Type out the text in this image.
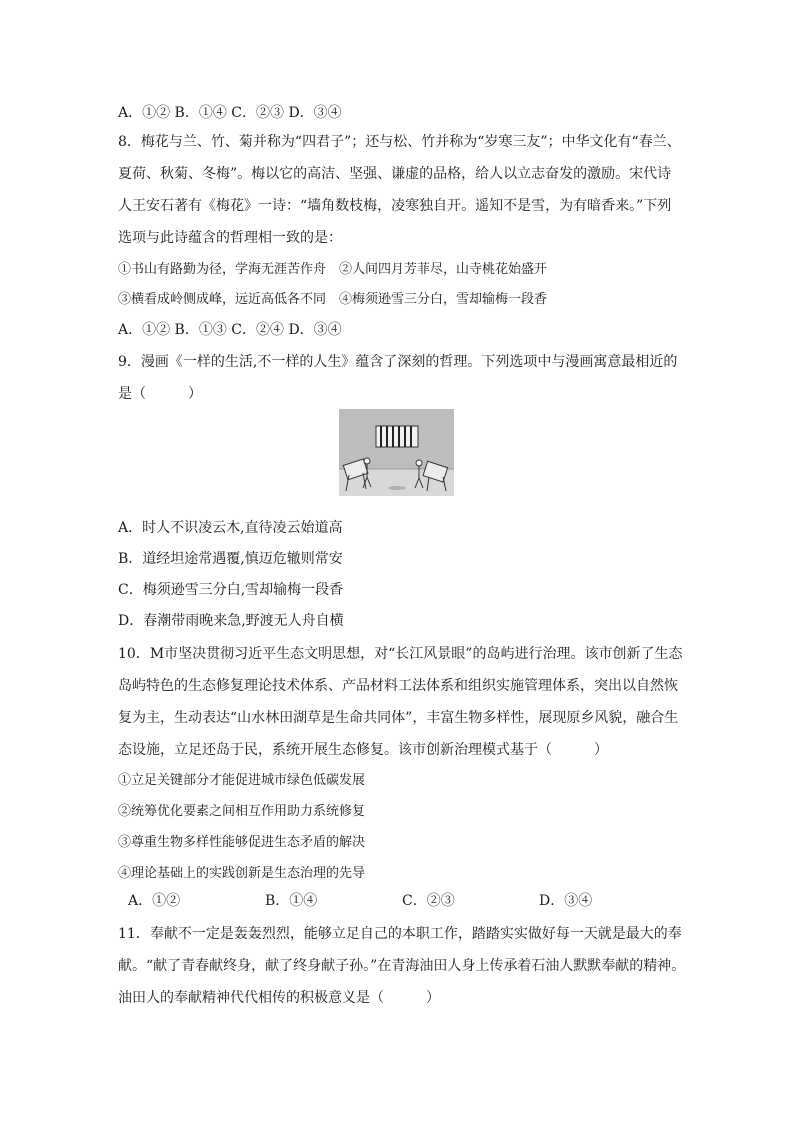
A．①② B．①④ C．②③ D．③④
8．梅花与兰、竹、菊并称为“四君子”；还与松、竹并称为“岁寒三友”；中华文化有“春兰、
夏荷、秋菊、冬梅”。梅以它的高洁、坚强、谦虚的品格，给人以立志奋发的激励。宋代诗
人王安石著有《梅花》一诗：“墙角数枝梅，凌寒独自开。遥知不是雪，为有暗香来。”下列
选项与此诗蕴含的哲理相一致的是：
①书山有路勤为径，学海无涯苦作舟　②人间四月芳菲尽，山寺桃花始盛开
③横看成岭侧成峰，远近高低各不同　④梅须逊雪三分白，雪却输梅一段香
A．①② B．①③ C．②④ D．③④
9．漫画《一样的生活,不一样的人生》蕴含了深刻的哲理。下列选项中与漫画寓意最相近的
是（　　　）
A．时人不识凌云木,直待凌云始道高
B．道经坦途常遇覆,慎迈危辙则常安
C．梅须逊雪三分白,雪却输梅一段香
D．春潮带雨晚来急,野渡无人舟自横
10．M市坚决贯彻习近平生态文明思想，对“长江风景眼”的岛屿进行治理。该市创新了生态
岛屿特色的生态修复理论技术体系、产品材料工法体系和组织实施管理体系，突出以自然恢
复为主，生动表达“山水林田湖草是生命共同体”，丰富生物多样性，展现原乡风貌，融合生
态设施，立足还岛于民，系统开展生态修复。该市创新治理模式基于（　　　）
①立足关键部分才能促进城市绿色低碳发展
②统筹优化要素之间相互作用助力系统修复
③尊重生物多样性能够促进生态矛盾的解决
④理论基础上的实践创新是生态治理的先导
A．①②	B．①④	C．②③	D．③④
11．奉献不一定是轰轰烈烈，能够立足自己的本职工作，踏踏实实做好每一天就是最大的奉
献。“献了青春献终身，献了终身献子孙。”在青海油田人身上传承着石油人默默奉献的精神。
油田人的奉献精神代代相传的积极意义是（　　　）
